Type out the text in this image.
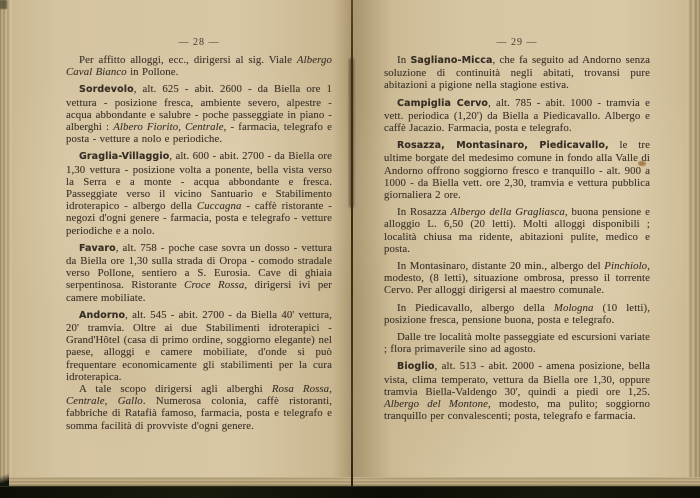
— 28 —	— 29 —

Per affitto alloggi, ecc., dirigersi al sig. Viale Albergo Caval Bianco in Pollone.

Sordevolo, alt. 625 - abit. 2600 - da Biella ore 1 vettura - posizione fresca, ambiente severo, alpestre - acqua abbondante e salubre - poche passeggiate in piano - alberghi : Albero Fiorito, Centrale, - farmacia, telegrafo e posta - vetture a nolo e periodiche.

Graglia-Villaggio, alt. 600 - abit. 2700 - da Biella ore 1,30 vettura - posizione volta a ponente, bella vista verso la Serra e a monte - acqua abbondante e fresca. Passeggiate verso il vicino Santuario e Stabilimento idroterapico - albergo della Cuccagna - caffè ristorante - negozi d'ogni genere - farmacia, posta e telegrafo - vetture periodiche e a nolo.

Favaro, alt. 758 - poche case sovra un dosso - vettura da Biella ore 1,30 sulla strada di Oropa - comodo stradale verso Pollone, sentiero a S. Eurosia. Cave di ghiaia serpentinosa. Ristorante Croce Rossa, dirigersi ivi per camere mobiliate.

Andorno, alt. 545 - abit. 2700 - da Biella 40' vettura, 20' tramvia. Oltre ai due Stabilimenti idroterapici - Grand'Hôtel (casa di primo ordine, soggiorno elegante) nel paese, alloggi e camere mobiliate, d'onde si può frequentare economicamente gli stabilimenti per la cura idroterapica.

A tale scopo dirigersi agli alberghi Rosa Rossa, Centrale, Gallo. Numerosa colonia, caffè ristoranti, fabbriche di Ratafià famoso, farmacia, posta e telegrafo e somma facilità di provviste d'ogni genere.

In Sagliano-Micca, che fa seguito ad Andorno senza soluzione di continuità negli abitati, trovansi pure abitazioni a pigione nella stagione estiva.

Campiglia Cervo, alt. 785 - abit. 1000 - tramvia e vett. periodica (1,20') da Biella a Piedicavallo. Albergo e caffè Jacazio. Farmacia, posta e telegrafo.

Rosazza, Montasinaro, Piedicavallo, le tre ultime borgate del medesimo comune in fondo alla Valle di Andorno offrono soggiorno fresco e tranquillo - alt. 900 a 1000 - da Biella vett. ore 2,30, tramvia e vettura pubblica giornaliera 2 ore.

In Rosazza Albergo della Gragliasca, buona pensione e alloggio L. 6,50 (20 letti). Molti alloggi disponibili ; località chiusa ma ridente, abitazioni pulite, medico e posta.

In Montasinaro, distante 20 min., albergo del Pinchiolo, modesto, (8 letti), situazione ombrosa, presso il torrente Cervo. Per alloggi dirigersi al maestro comunale.

In Piedicavallo, albergo della Mologna (10 letti), posizione fresca, pensione buona, posta e telegrafo.

Dalle tre località molte passeggiate ed escursioni variate ; flora primaverile sino ad agosto.

Bioglio, alt. 513 - abit. 2000 - amena posizione, bella vista, clima temperato, vettura da Biella ore 1,30, oppure tramvia Biella-Valdengo 30', quindi a piedi ore 1,25. Albergo del Montone, modesto, ma pulito; soggiorno tranquillo per convalescenti; posta, telegrafo e farmacia.
